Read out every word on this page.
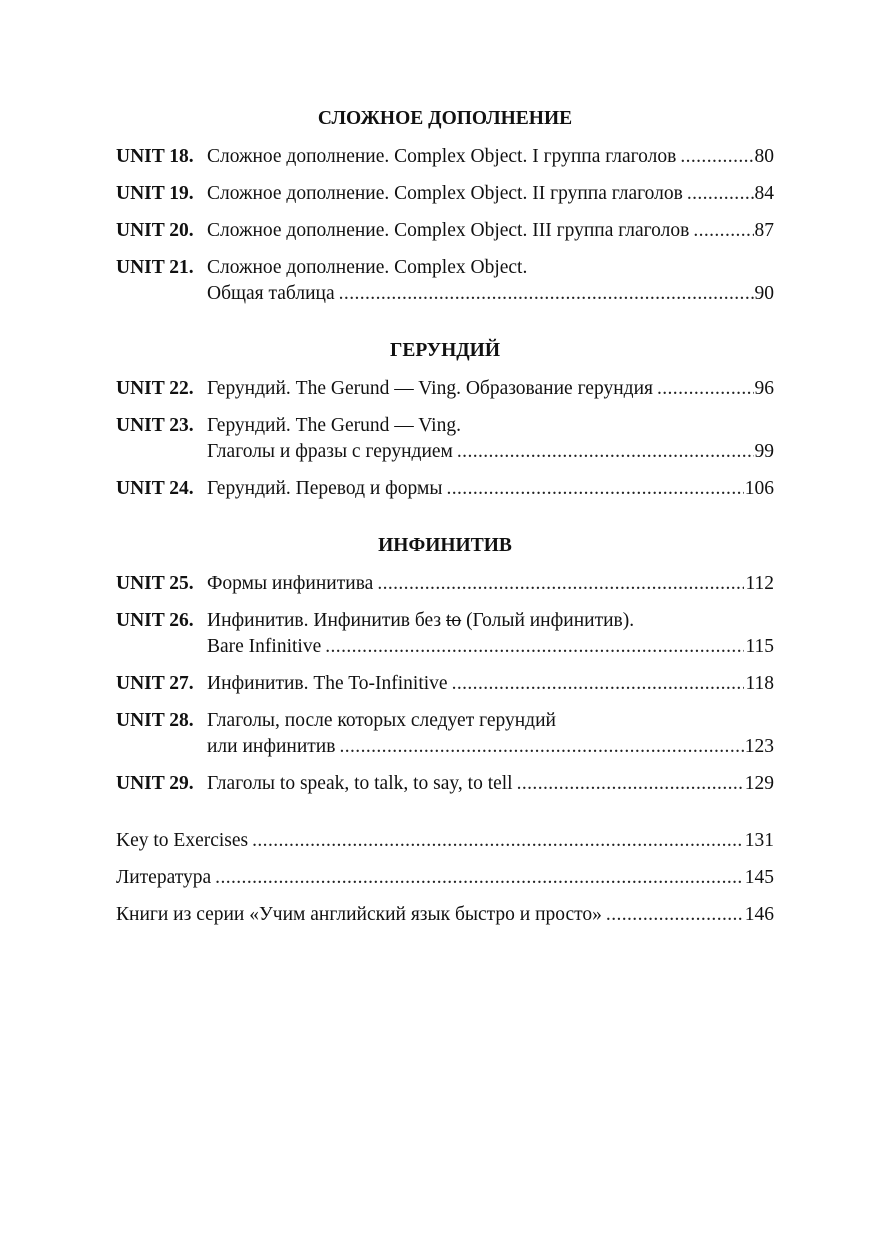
СЛОЖНОЕ ДОПОЛНЕНИЕ
UNIT 18. Сложное дополнение. Complex Object. I группа глаголов .....	80
UNIT 19. Сложное дополнение. Complex Object. II группа глаголов .....	84
UNIT 20. Сложное дополнение. Complex Object. III группа глаголов .....	87
UNIT 21. Сложное дополнение. Complex Object.
Общая таблица .....	90
ГЕРУНДИЙ
UNIT 22. Герундий. The Gerund — Ving. Образование герундия .....	96
UNIT 23. Герундий. The Gerund — Ving.
Глаголы и фразы с герундием .....	99
UNIT 24. Герундий. Перевод и формы .....	106
ИНФИНИТИВ
UNIT 25. Формы инфинитива .....	112
UNIT 26. Инфинитив. Инфинитив без to (Голый инфинитив).
Bare Infinitive .....	115
UNIT 27. Инфинитив. The To-Infinitive .....	118
UNIT 28. Глаголы, после которых следует герундий
или инфинитив .....	123
UNIT 29. Глаголы to speak, to talk, to say, to tell .....	129
Key to Exercises .....	131
Литература .....	145
Книги из серии «Учим английский язык быстро и просто» .....	146
